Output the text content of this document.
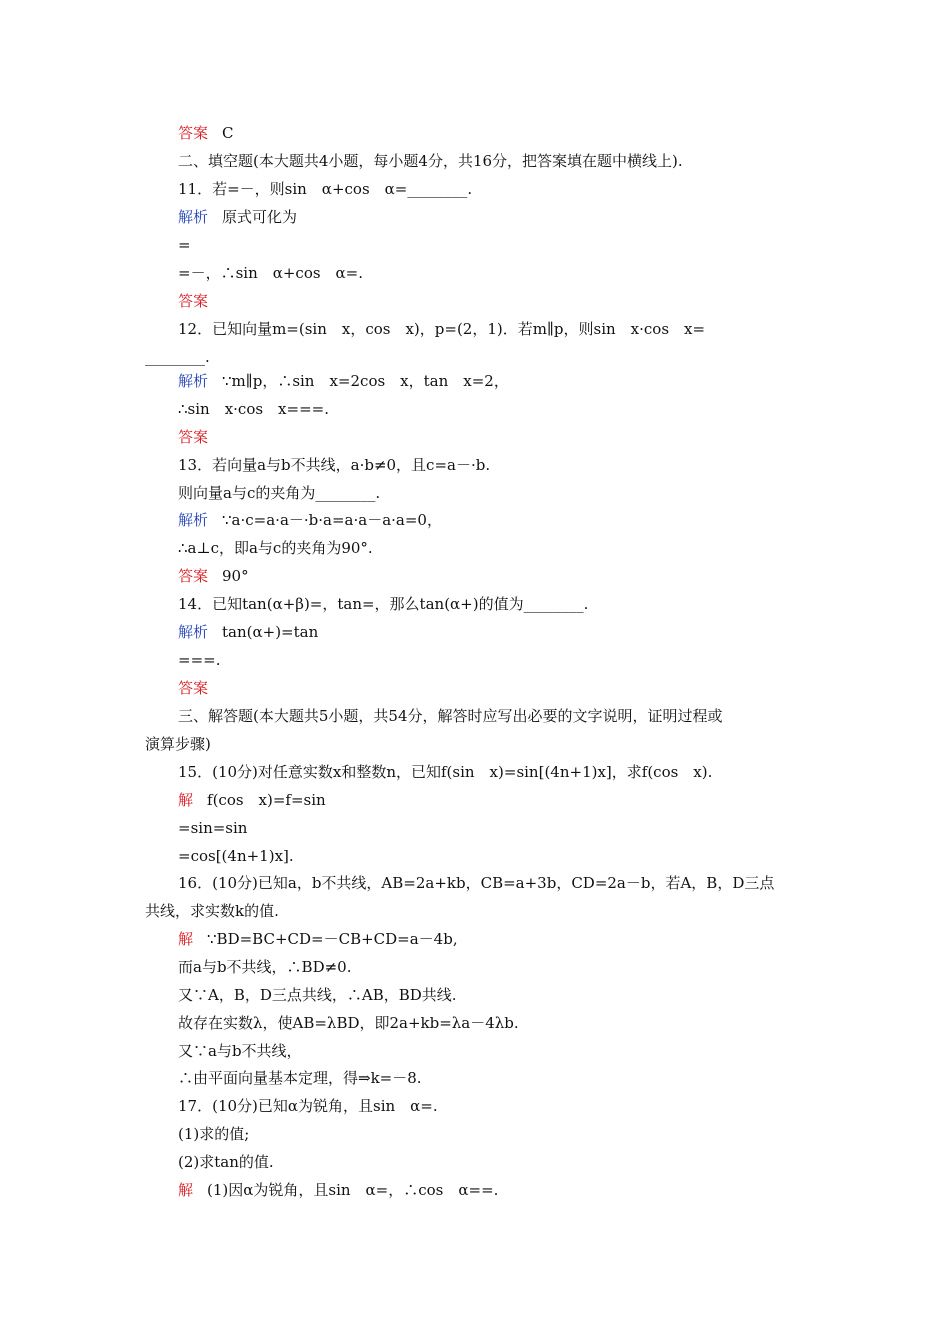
答案 C
二、填空题(本大题共4小题，每小题4分，共16分，把答案填在题中横线上).
11．若=－，则sin　α+cos　α=________.
解析 原式可化为
=
=－，∴sin　α+cos　α=.
答案
12．已知向量m=(sin　x，cos　x)，p=(2，1)．若m∥p，则sin　x·cos　x=
________.
解析 ∵m∥p，∴sin　x=2cos　x，tan　x=2，
∴sin　x·cos　x===.
答案
13．若向量a与b不共线，a·b≠0，且c=a－·b.
则向量a与c的夹角为________.
解析 ∵a·c=a·a－·b·a=a·a－a·a=0，
∴a⊥c，即a与c的夹角为90°.
答案 90°
14．已知tan(α+β)=，tan=，那么tan(α+)的值为________.
解析 tan(α+)=tan
===.
答案
三、解答题(本大题共5小题，共54分，解答时应写出必要的文字说明，证明过程或
演算步骤)
15．(10分)对任意实数x和整数n，已知f(sin　x)=sin[(4n+1)x]，求f(cos　x).
解 f(cos　x)=f=sin
=sin=sin
=cos[(4n+1)x].
16．(10分)已知a，b不共线，AB=2a+kb，CB=a+3b，CD=2a－b，若A，B，D三点
共线，求实数k的值.
解 ∵BD=BC+CD=－CB+CD=a－4b,
而a与b不共线，∴BD≠0.
又∵A，B，D三点共线，∴AB，BD共线.
故存在实数λ，使AB=λBD，即2a+kb=λa－4λb.
又∵a与b不共线，
∴由平面向量基本定理，得⇒k=－8.
17．(10分)已知α为锐角，且sin　α=.
(1)求的值;
(2)求tan的值.
解 (1)因α为锐角，且sin　α=，∴cos　α==.
